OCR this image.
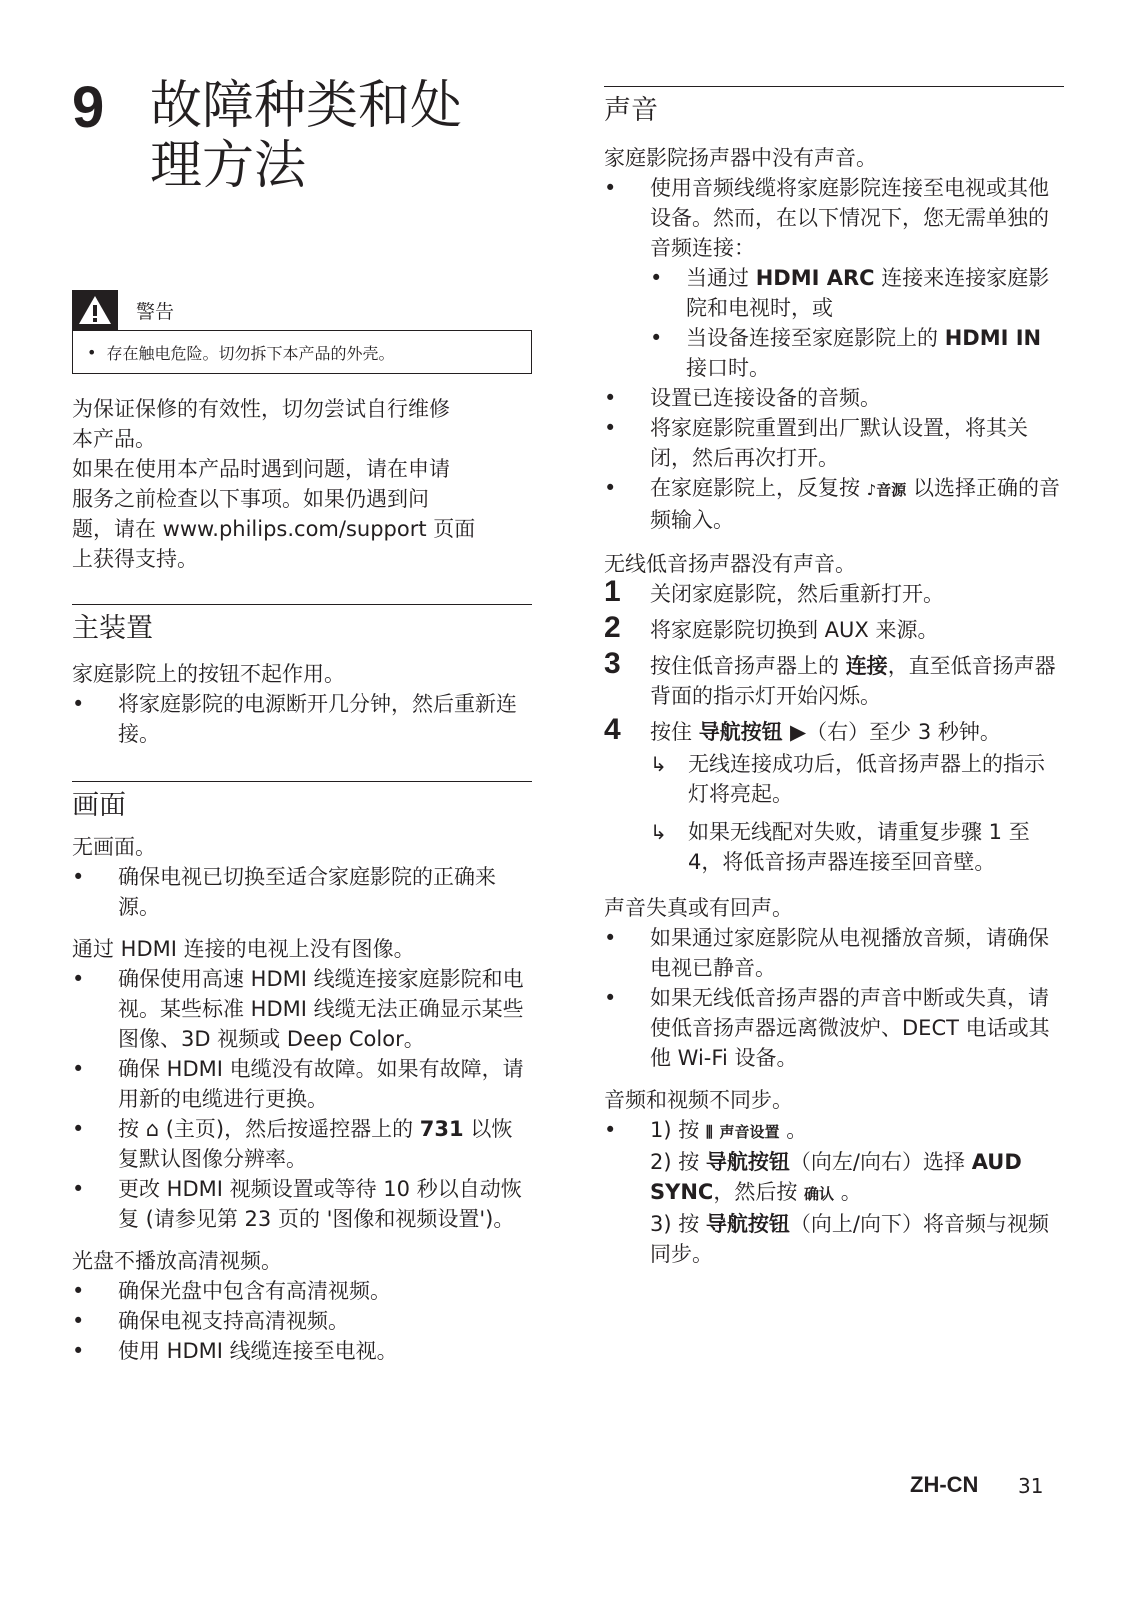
9 故障种类和处
理方法
警告
• 存在触电危险。切勿拆下本产品的外壳。
为保证保修的有效性，切勿尝试自行维修
本产品。
如果在使用本产品时遇到问题，请在申请
服务之前检查以下事项。如果仍遇到问
题，请在 www.philips.com/support 页面
上获得支持。
主装置
家庭影院上的按钮不起作用。
• 将家庭影院的电源断开几分钟，然后重新连接。
画面
无画面。
• 确保电视已切换至适合家庭影院的正确来源。
通过 HDMI 连接的电视上没有图像。
• 确保使用高速 HDMI 线缆连接家庭影院和电视。某些标准 HDMI 线缆无法正确显示某些图像、3D 视频或 Deep Color。
• 确保 HDMI 电缆没有故障。如果有故障，请用新的电缆进行更换。
• 按 ⌂ (主页)，然后按遥控器上的 731 以恢复默认图像分辨率。
• 更改 HDMI 视频设置或等待 10 秒以自动恢复 (请参见第 23 页的 '图像和视频设置')。
光盘不播放高清视频。
• 确保光盘中包含有高清视频。
• 确保电视支持高清视频。
• 使用 HDMI 线缆连接至电视。
声音
家庭影院扬声器中没有声音。
• 使用音频线缆将家庭影院连接至电视或其他设备。然而，在以下情况下，您无需单独的音频连接：
• 当通过 HDMI ARC 连接来连接家庭影院和电视时，或
• 当设备连接至家庭影院上的 HDMI IN 接口时。
• 设置已连接设备的音频。
• 将家庭影院重置到出厂默认设置，将其关闭，然后再次打开。
• 在家庭影院上，反复按 ♪音源 以选择正确的音频输入。
无线低音扬声器没有声音。
1 关闭家庭影院，然后重新打开。
2 将家庭影院切换到 AUX 来源。
3 按住低音扬声器上的 连接，直至低音扬声器背面的指示灯开始闪烁。
4 按住 导航按钮 ▶（右）至少 3 秒钟。
↳ 无线连接成功后，低音扬声器上的指示灯将亮起。
↳ 如果无线配对失败，请重复步骤 1 至 4，将低音扬声器连接至回音壁。
声音失真或有回声。
• 如果通过家庭影院从电视播放音频，请确保电视已静音。
• 如果无线低音扬声器的声音中断或失真，请使低音扬声器远离微波炉、DECT 电话或其他 Wi-Fi 设备。
音频和视频不同步。
• 1) 按 ⫼ 声音设置 。
2) 按 导航按钮（向左/向右）选择 AUD SYNC，然后按 确认 。
3) 按 导航按钮（向上/向下）将音频与视频同步。
ZH-CN 31
